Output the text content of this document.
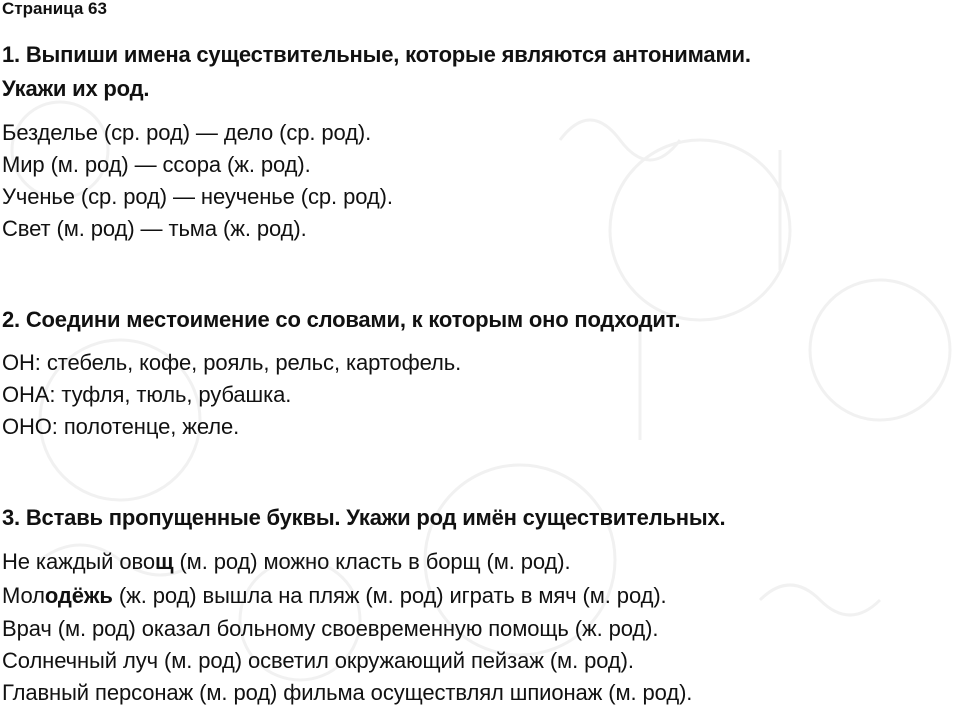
Страница 63
1. Выпиши имена существительные, которые являются антонимами.
Укажи их род.
Безделье (ср. род) — дело (ср. род).
Мир (м. род) — ссора (ж. род).
Ученье (ср. род) — неученье (ср. род).
Свет (м. род) — тьма (ж. род).
2. Соедини местоимение со словами, к которым оно подходит.
ОН: стебель, кофе, рояль, рельс, картофель.
ОНА: туфля, тюль, рубашка.
ОНО: полотенце, желе.
3. Вставь пропущенные буквы. Укажи род имён существительных.
Не каждый овощ (м. род) можно класть в борщ (м. род).
Молодёжь (ж. род) вышла на пляж (м. род) играть в мяч (м. род).
Врач (м. род) оказал больному своевременную помощь (ж. род).
Солнечный луч (м. род) осветил окружающий пейзаж (м. род).
Главный персонаж (м. род) фильма осуществлял шпионаж (м. род).
